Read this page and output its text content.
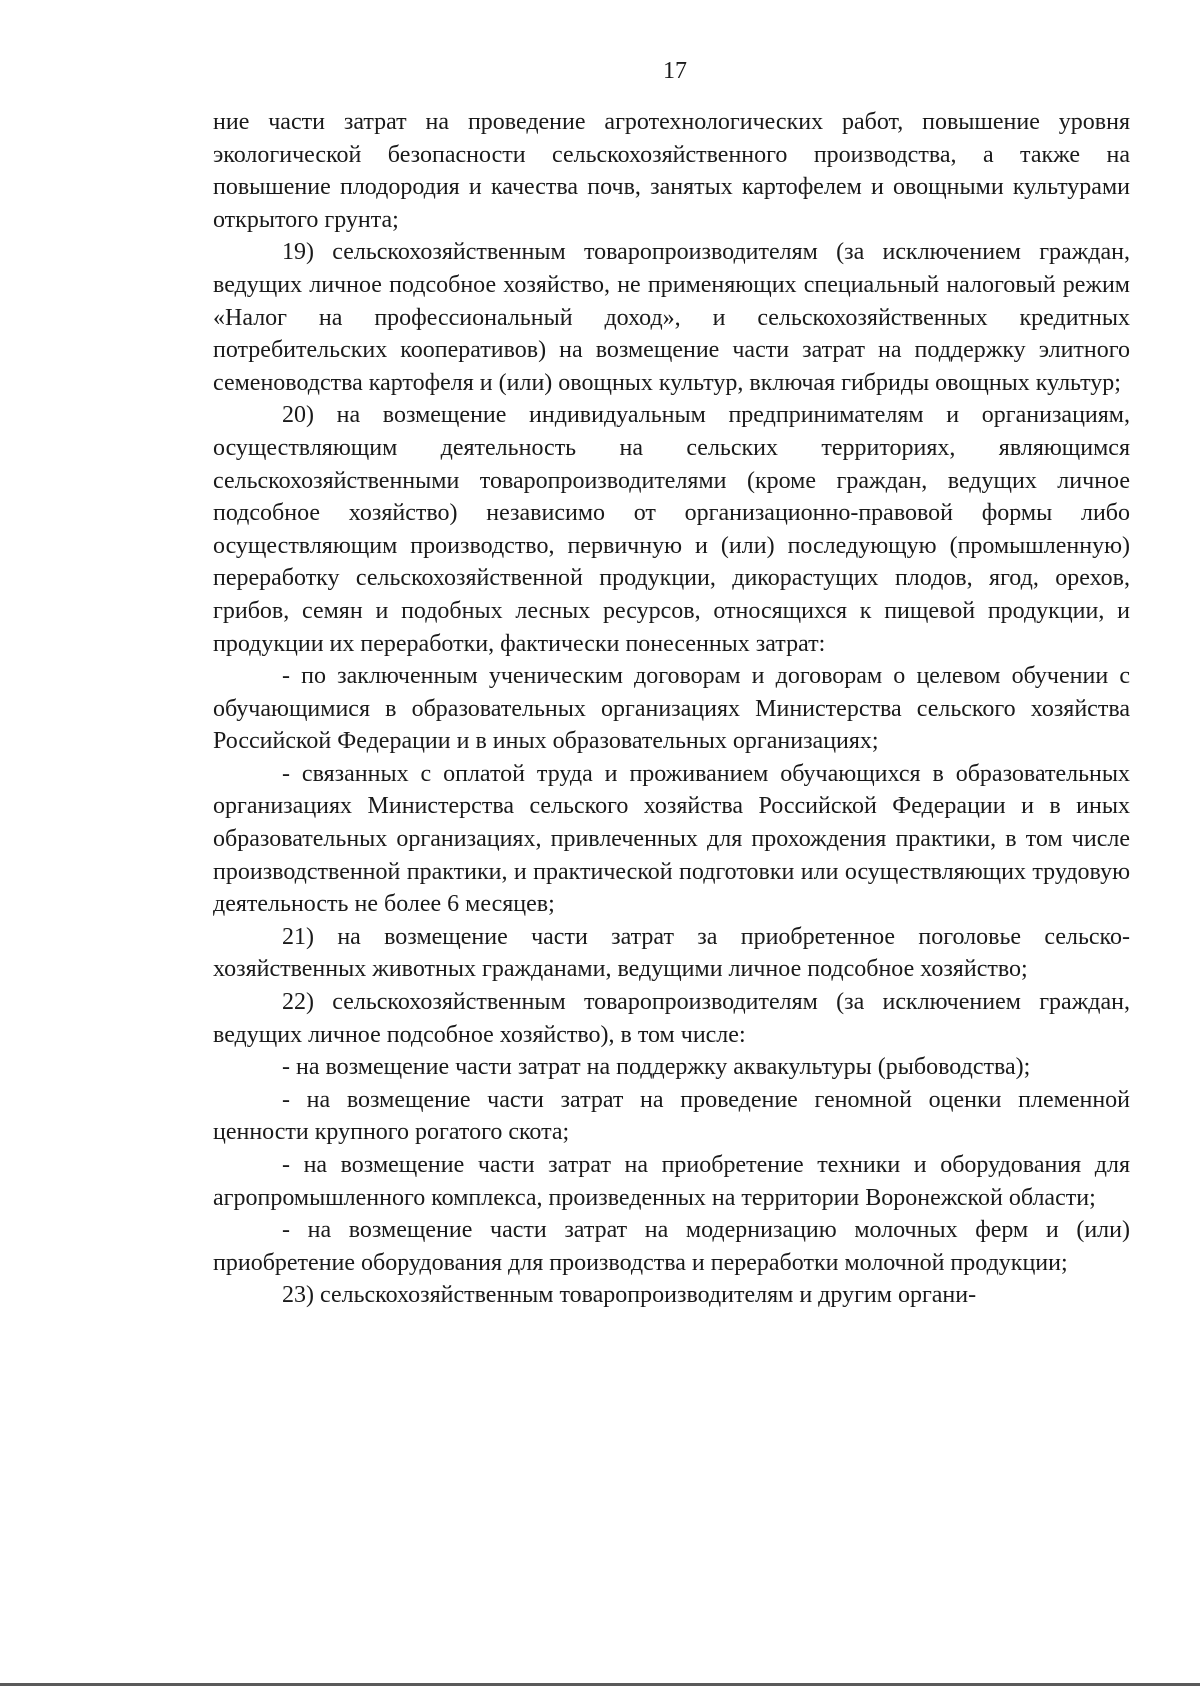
17

ние части затрат на проведение агротехнологических работ, повышение уровня экологической безопасности сельскохозяйственного производства, а также на повышение плодородия и качества почв, занятых картофелем и овощными культурами открытого грунта;

19) сельскохозяйственным товаропроизводителям (за исключением граждан, ведущих личное подсобное хозяйство, не применяющих специальный налоговый режим «Налог на профессиональный доход», и сельскохозяйственных кредитных потребительских кооперативов) на возмещение части затрат на поддержку элитного семеноводства картофеля и (или) овощных культур, включая гибриды овощных культур;

20) на возмещение индивидуальным предпринимателям и организациям, осуществляющим деятельность на сельских территориях, являющимся сельскохозяйственными товаропроизводителями (кроме граждан, ведущих личное подсобное хозяйство) независимо от организационно-правовой формы либо осуществляющим производство, первичную и (или) последующую (промышленную) переработку сельскохозяйственной продукции, дикорастущих плодов, ягод, орехов, грибов, семян и подобных лесных ресурсов, относящихся к пищевой продукции, и продукции их переработки, фактически понесенных затрат:

- по заключенным ученическим договорам и договорам о целевом обучении с обучающимися в образовательных организациях Министерства сельского хозяйства Российской Федерации и в иных образовательных организациях;

- связанных с оплатой труда и проживанием обучающихся в образовательных организациях Министерства сельского хозяйства Российской Федерации и в иных образовательных организациях, привлеченных для прохождения практики, в том числе производственной практики, и практической подготовки или осуществляющих трудовую деятельность не более 6 месяцев;

21) на возмещение части затрат за приобретенное поголовье сельскохозяйственных животных гражданами, ведущими личное подсобное хозяйство;

22) сельскохозяйственным товаропроизводителям (за исключением граждан, ведущих личное подсобное хозяйство), в том числе:

- на возмещение части затрат на поддержку аквакультуры (рыбоводства);

- на возмещение части затрат на проведение геномной оценки племенной ценности крупного рогатого скота;

- на возмещение части затрат на приобретение техники и оборудования для агропромышленного комплекса, произведенных на территории Воронежской области;

- на возмещение части затрат на модернизацию молочных ферм и (или) приобретение оборудования для производства и переработки молочной продукции;

23) сельскохозяйственным товаропроизводителям и другим органи-
